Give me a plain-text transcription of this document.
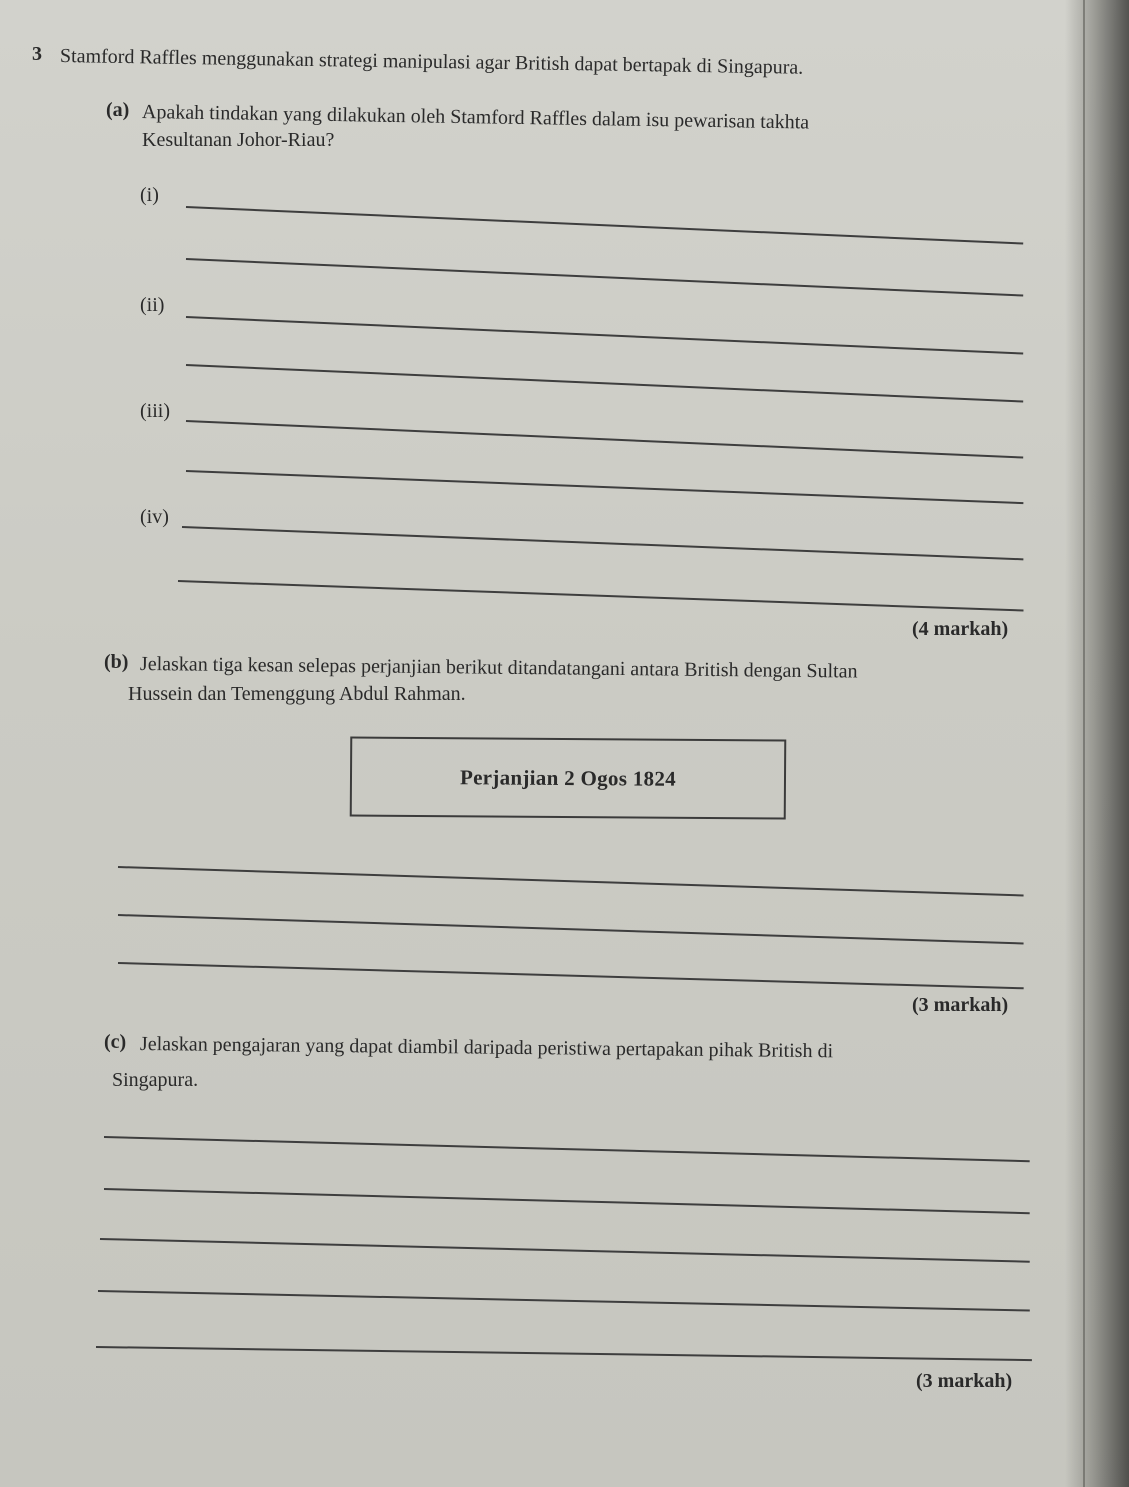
3 Stamford Raffles menggunakan strategi manipulasi agar British dapat bertapak di Singapura.
(a) Apakah tindakan yang dilakukan oleh Stamford Raffles dalam isu pewarisan takhta
Kesultanan Johor-Riau?
(i)
(ii)
(iii)
(iv)
(4 markah)
(b) Jelaskan tiga kesan selepas perjanjian berikut ditandatangani antara British dengan Sultan
Hussein dan Temenggung Abdul Rahman.
Perjanjian 2 Ogos 1824
(3 markah)
(c) Jelaskan pengajaran yang dapat diambil daripada peristiwa pertapakan pihak British di
Singapura.
(3 markah)
